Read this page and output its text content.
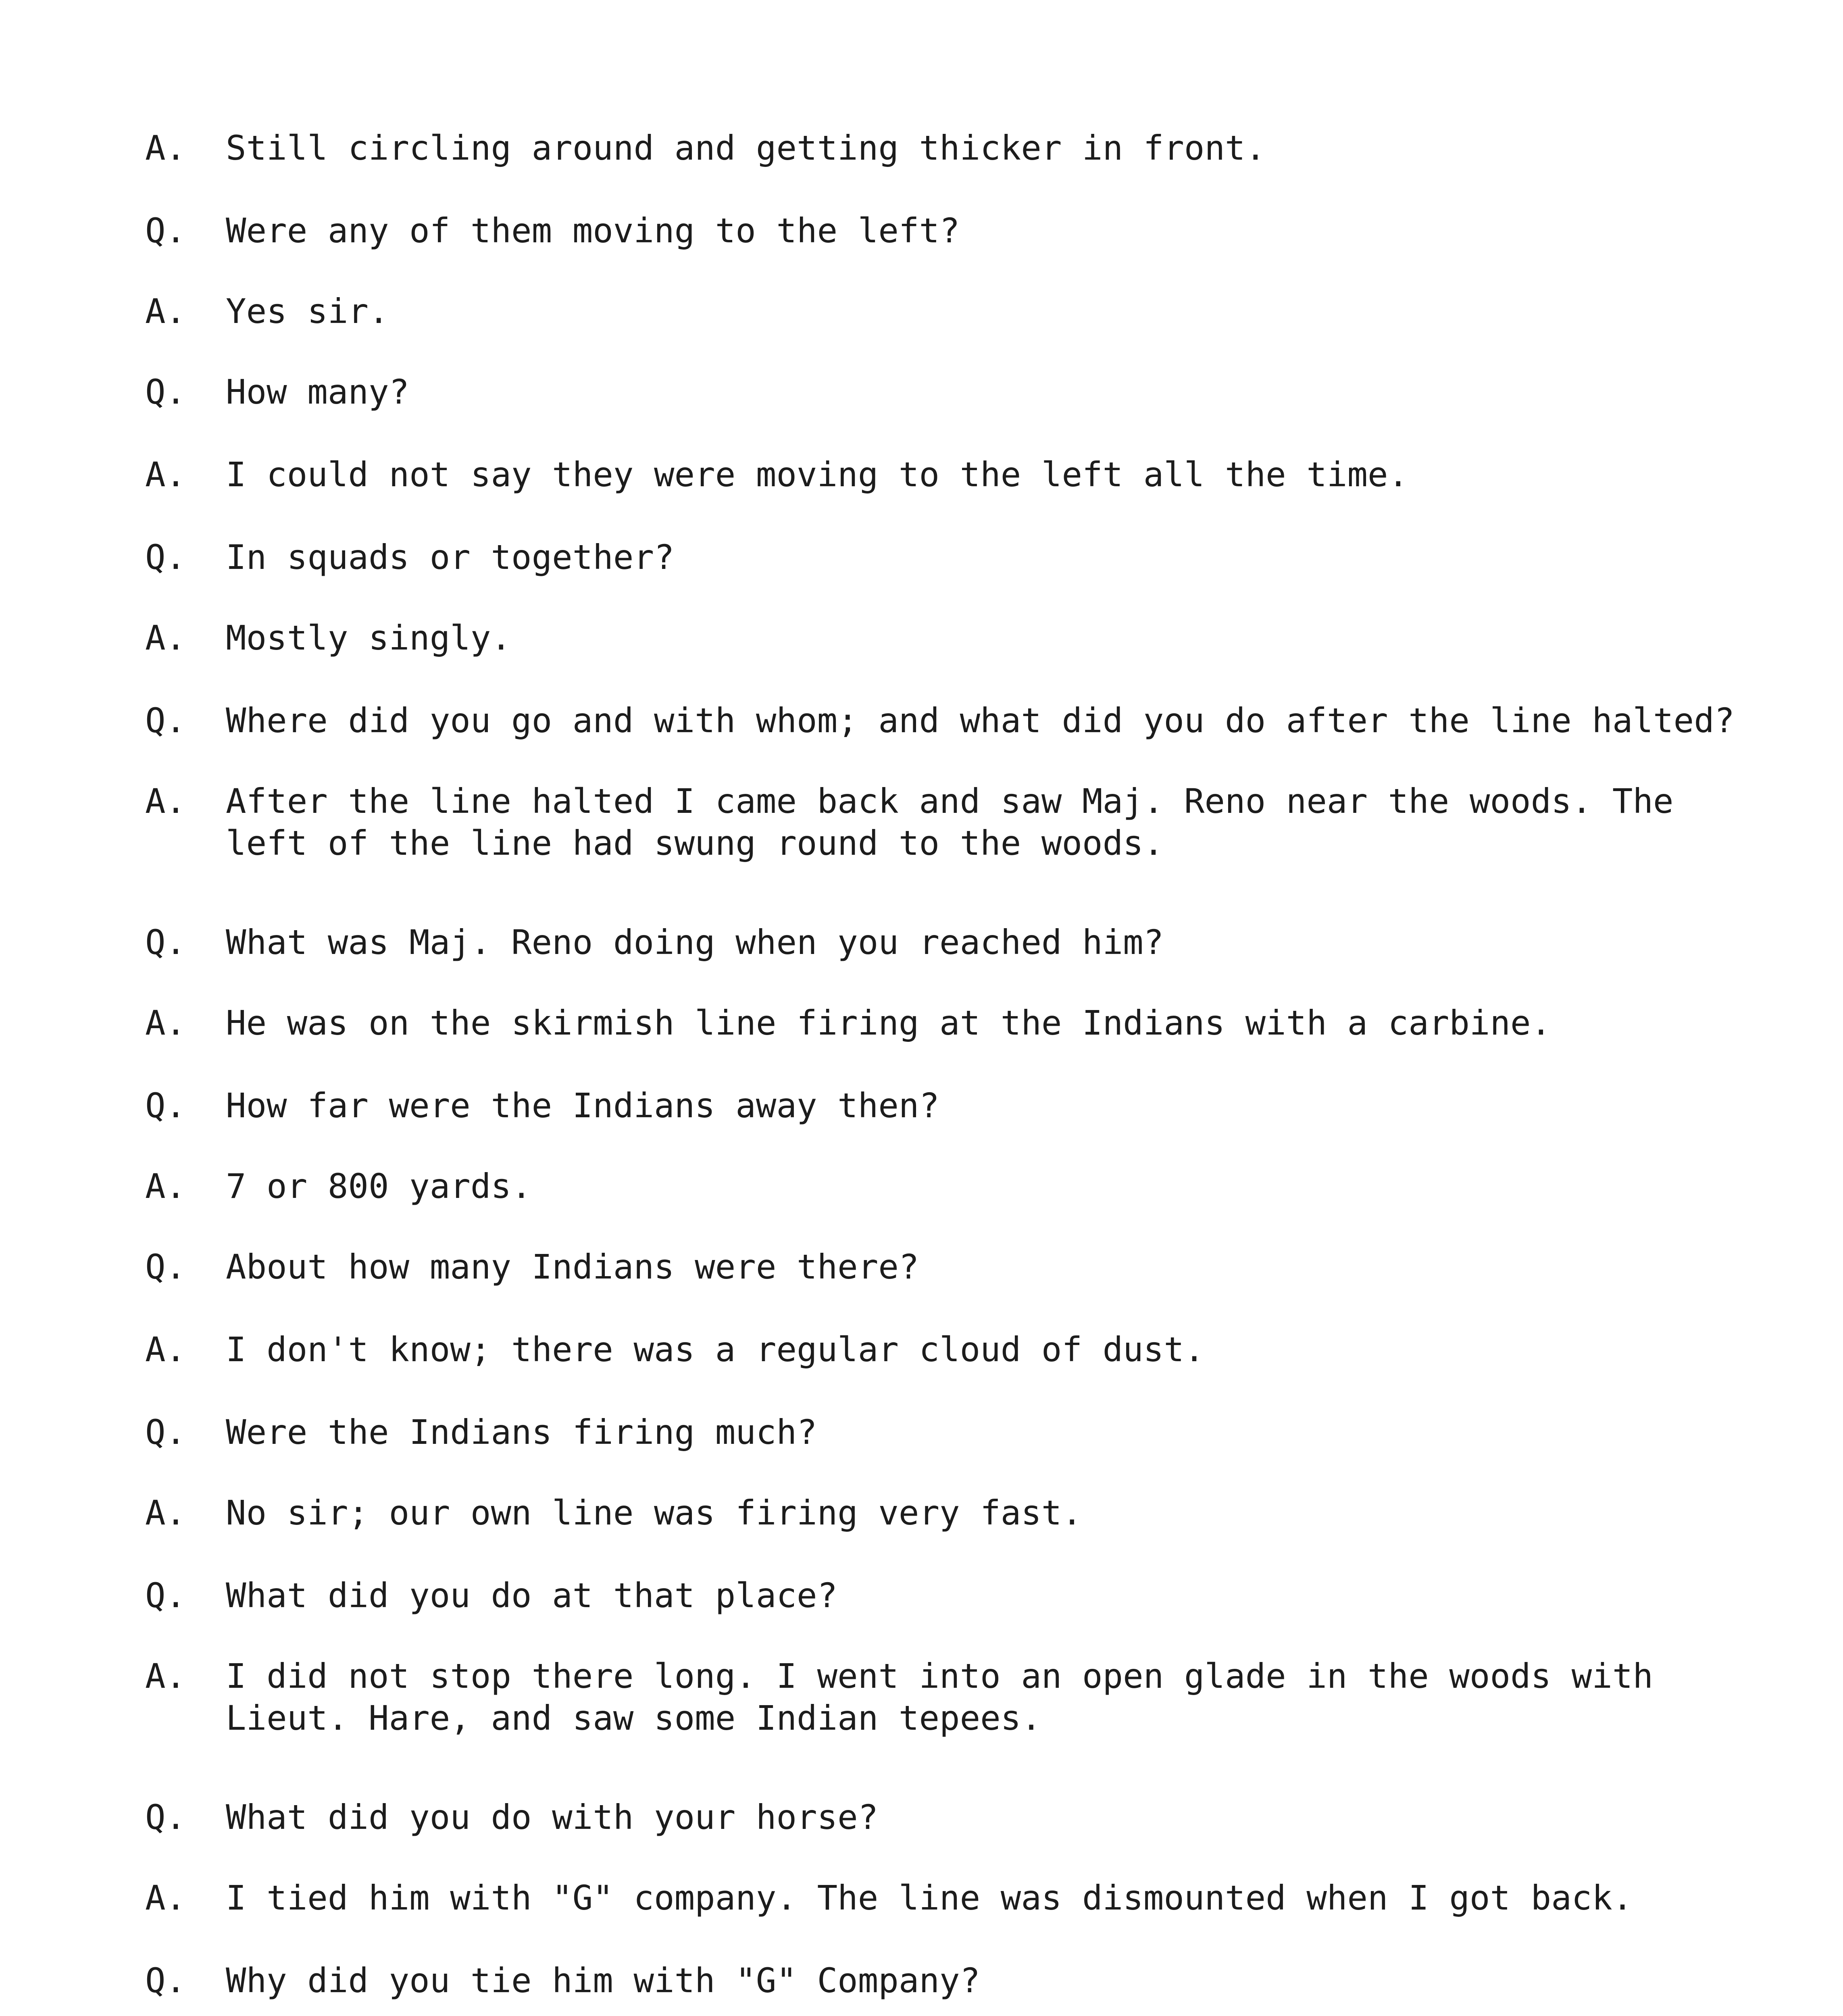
A.	Still circling around and getting thicker in front.
Q.	Were any of them moving to the left?
A.	Yes sir.
Q.	How many?
A.	I could not say they were moving to the left all the time.
Q.	In squads or together?
A.	Mostly singly.
Q.	Where did you go and with whom; and what did you do after the line halted?
A.	After the line halted I came back and saw Maj. Reno near the woods. The
left of the line had swung round to the woods.
Q.	What was Maj. Reno doing when you reached him?
A.	He was on the skirmish line firing at the Indians with a carbine.
Q.	How far were the Indians away then?
A.	7 or 800 yards.
Q.	About how many Indians were there?
A.	I don't know; there was a regular cloud of dust.
Q.	Were the Indians firing much?
A.	No sir; our own line was firing very fast.
Q.	What did you do at that place?
A.	I did not stop there long. I went into an open glade in the woods with
Lieut. Hare, and saw some Indian tepees.
Q.	What did you do with your horse?
A.	I tied him with "G" company. The line was dismounted when I got back.
Q.	Why did you tie him with "G" Company?
